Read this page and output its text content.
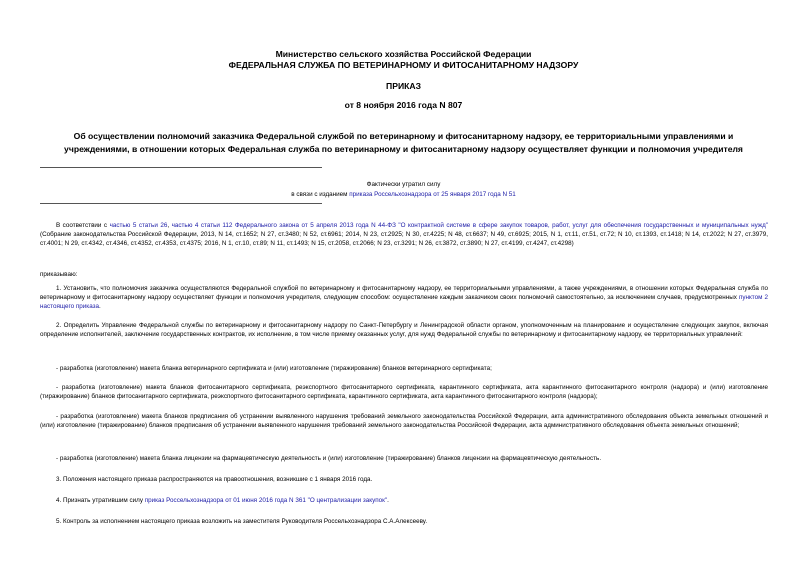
Министерство сельского хозяйства Российской Федерации
ФЕДЕРАЛЬНАЯ СЛУЖБА ПО ВЕТЕРИНАРНОМУ И ФИТОСАНИТАРНОМУ НАДЗОРУ
ПРИКАЗ
от 8 ноября 2016 года N 807
Об осуществлении полномочий заказчика Федеральной службой по ветеринарному и фитосанитарному надзору, ее территориальными управлениями и
учреждениями, в отношении которых Федеральная служба по ветеринарному и фитосанитарному надзору осуществляет функции и полномочия учредителя
Фактически утратил силу
в связи с изданием приказа Россельхознадзора от 25 января 2017 года N 51
В соответствии с частью 5 статьи 26, частью 4 статьи 112 Федерального закона от 5 апреля 2013 года N 44-ФЗ "О контрактной системе в сфере закупок товаров, работ, услуг для обеспечения государственных и муниципальных нужд" (Собрание законодательства Российской Федерации, 2013, N 14, ст.1652; N 27, ст.3480; N 52, ст.6961; 2014, N 23, ст.2925; N 30, ст.4225; N 48, ст.6637; N 49, ст.6925; 2015, N 1, ст.11, ст.51, ст.72; N 10, ст.1393, ст.1418; N 14, ст.2022; N 27, ст.3979, ст.4001; N 29, ст.4342, ст.4346, ст.4352, ст.4353, ст.4375; 2016, N 1, ст.10, ст.89; N 11, ст.1493; N 15, ст.2058, ст.2066; N 23, ст.3291; N 26, ст.3872, ст.3890; N 27, ст.4199, ст.4247, ст.4298)
приказываю:
1. Установить, что полномочия заказчика осуществляются Федеральной службой по ветеринарному и фитосанитарному надзору, ее территориальными управлениями, а также учреждениями, в отношении которых Федеральная служба по ветеринарному и фитосанитарному надзору осуществляет функции и полномочия учредителя, следующим способом: осуществление каждым заказчиком своих полномочий самостоятельно, за исключением случаев, предусмотренных пунктом 2 настоящего приказа.
2. Определить Управление Федеральной службы по ветеринарному и фитосанитарному надзору по Санкт-Петербургу и Ленинградской области органом, уполномоченным на планирование и осуществление следующих закупок, включая определение исполнителей, заключение государственных контрактов, их исполнение, в том числе приемку оказанных услуг, для нужд Федеральной службы по ветеринарному и фитосанитарному надзору, ее территориальных управлений:
- разработка (изготовление) макета бланка ветеринарного сертификата и (или) изготовление (тиражирование) бланков ветеринарного сертификата;
- разработка (изготовление) макета бланков фитосанитарного сертификата, реэкспортного фитосанитарного сертификата, карантинного сертификата, акта карантинного фитосанитарного контроля (надзора) и (или) изготовление (тиражирование) бланков фитосанитарного сертификата, реэкспортного фитосанитарного сертификата, карантинного сертификата, акта карантинного фитосанитарного контроля (надзора);
- разработка (изготовление) макета бланков предписания об устранении выявленного нарушения требований земельного законодательства Российской Федерации, акта административного обследования объекта земельных отношений и (или) изготовление (тиражирование) бланков предписания об устранении выявленного нарушения требований земельного законодательства Российской Федерации, акта административного обследования объекта земельных отношений;
- разработка (изготовление) макета бланка лицензии на фармацевтическую деятельность и (или) изготовление (тиражирование) бланков лицензии на фармацевтическую деятельность.
3. Положения настоящего приказа распространяются на правоотношения, возникшие с 1 января 2016 года.
4. Признать утратившим силу приказ Россельхознадзора от 01 июня 2016 года N 361 "О централизации закупок".
5. Контроль за исполнением настоящего приказа возложить на заместителя Руководителя Россельхознадзора С.А.Алексееву.
